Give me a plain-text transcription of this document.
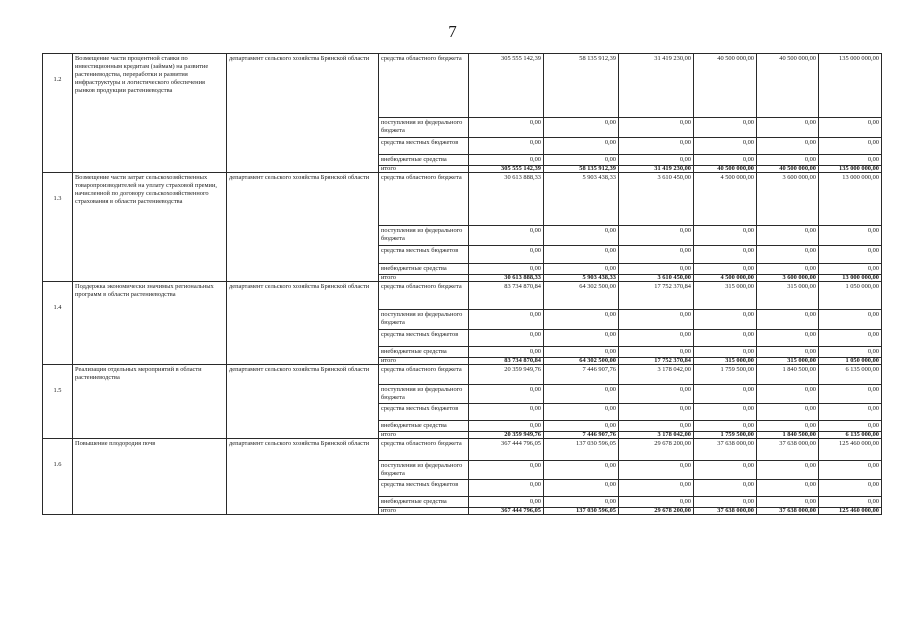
7
1.2	Возмещение части процентной ставки по инвестиционным кредитам (займам) на развитие растениеводства, переработки и развития инфраструктуры и логистического обеспечения рынков продукции растениеводства	департамент сельского хозяйства Брянской области	средства областного бюджета	305 555 142,39	58 135 912,39	31 419 230,00	40 500 000,00	40 500 000,00	135 000 000,00
			поступления из федерального бюджета	0,00	0,00	0,00	0,00	0,00	0,00
			средства местных бюджетов	0,00	0,00	0,00	0,00	0,00	0,00
			внебюджетные средства	0,00	0,00	0,00	0,00	0,00	0,00
			итого	305 555 142,39	58 135 912,39	31 419 230,00	40 500 000,00	40 500 000,00	135 000 000,00
1.3	Возмещение части затрат сельскохозяйственных товаропроизводителей на уплату страховой премии, начисленной по договору сельскохозяйственного страхования в области растениеводства	департамент сельского хозяйства Брянской области	средства областного бюджета	30 613 888,33	5 903 438,33	3 610 450,00	4 500 000,00	3 600 000,00	13 000 000,00
			поступления из федерального бюджета	0,00	0,00	0,00	0,00	0,00	0,00
			средства местных бюджетов	0,00	0,00	0,00	0,00	0,00	0,00
			внебюджетные средства	0,00	0,00	0,00	0,00	0,00	0,00
			итого	30 613 888,33	5 903 438,33	3 610 450,00	4 500 000,00	3 600 000,00	13 000 000,00
1.4	Поддержка экономически значимых региональных программ в области растениеводства	департамент сельского хозяйства Брянской области	средства областного бюджета	83 734 870,84	64 302 500,00	17 752 370,84	315 000,00	315 000,00	1 050 000,00
			поступления из федерального бюджета	0,00	0,00	0,00	0,00	0,00	0,00
			средства местных бюджетов	0,00	0,00	0,00	0,00	0,00	0,00
			внебюджетные средства	0,00	0,00	0,00	0,00	0,00	0,00
			итого	83 734 870,84	64 302 500,00	17 752 370,84	315 000,00	315 000,00	1 050 000,00
1.5	Реализация отдельных мероприятий в области растениеводства	департамент сельского хозяйства Брянской области	средства областного бюджета	20 359 949,76	7 446 907,76	3 178 042,00	1 759 500,00	1 840 500,00	6 135 000,00
			поступления из федерального бюджета	0,00	0,00	0,00	0,00	0,00	0,00
			средства местных бюджетов	0,00	0,00	0,00	0,00	0,00	0,00
			внебюджетные средства	0,00	0,00	0,00	0,00	0,00	0,00
			итого	20 359 949,76	7 446 907,76	3 178 042,00	1 759 500,00	1 840 500,00	6 135 000,00
1.6	Повышение плодородия почв	департамент сельского хозяйства Брянской области	средства областного бюджета	367 444 796,05	137 030 596,05	29 678 200,00	37 638 000,00	37 638 000,00	125 460 000,00
			поступления из федерального бюджета	0,00	0,00	0,00	0,00	0,00	0,00
			средства местных бюджетов	0,00	0,00	0,00	0,00	0,00	0,00
			внебюджетные средства	0,00	0,00	0,00	0,00	0,00	0,00
			итого	367 444 796,05	137 030 596,05	29 678 200,00	37 638 000,00	37 638 000,00	125 460 000,00
